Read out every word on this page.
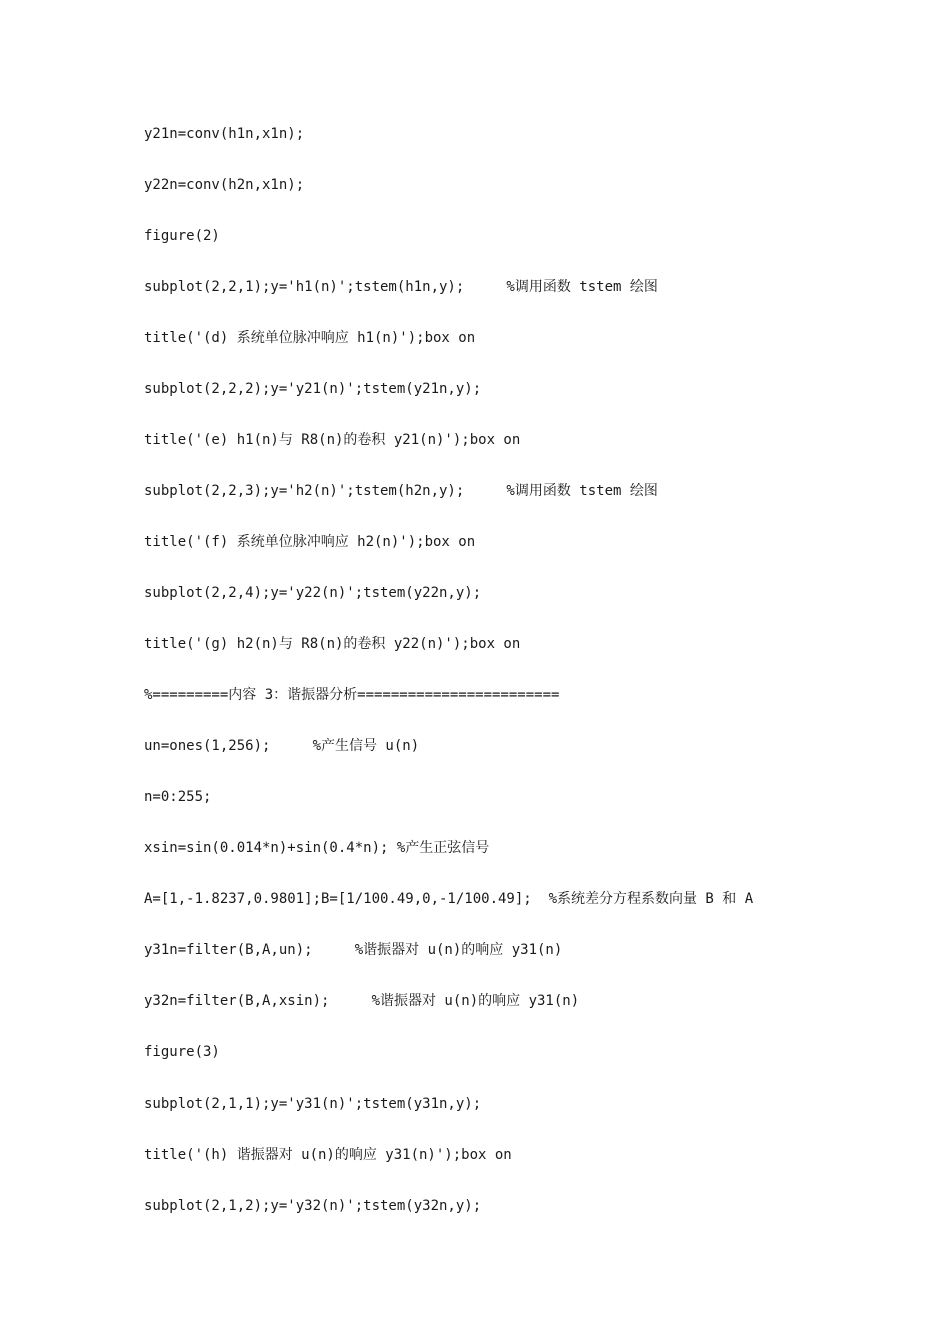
y21n=conv(h1n,x1n);

y22n=conv(h2n,x1n);

figure(2)

subplot(2,2,1);y='h1(n)';tstem(h1n,y);     %调用函数 tstem 绘图

title('(d) 系统单位脉冲响应 h1(n)');box on

subplot(2,2,2);y='y21(n)';tstem(y21n,y);

title('(e) h1(n)与 R8(n)的卷积 y21(n)');box on

subplot(2,2,3);y='h2(n)';tstem(h2n,y);     %调用函数 tstem 绘图

title('(f) 系统单位脉冲响应 h2(n)');box on

subplot(2,2,4);y='y22(n)';tstem(y22n,y);

title('(g) h2(n)与 R8(n)的卷积 y22(n)');box on

%=========内容 3：谐振器分析========================

un=ones(1,256);     %产生信号 u(n)

n=0:255;

xsin=sin(0.014*n)+sin(0.4*n); %产生正弦信号

A=[1,-1.8237,0.9801];B=[1/100.49,0,-1/100.49];  %系统差分方程系数向量 B 和 A

y31n=filter(B,A,un);     %谐振器对 u(n)的响应 y31(n)

y32n=filter(B,A,xsin);     %谐振器对 u(n)的响应 y31(n)

figure(3)

subplot(2,1,1);y='y31(n)';tstem(y31n,y);

title('(h) 谐振器对 u(n)的响应 y31(n)');box on

subplot(2,1,2);y='y32(n)';tstem(y32n,y);
